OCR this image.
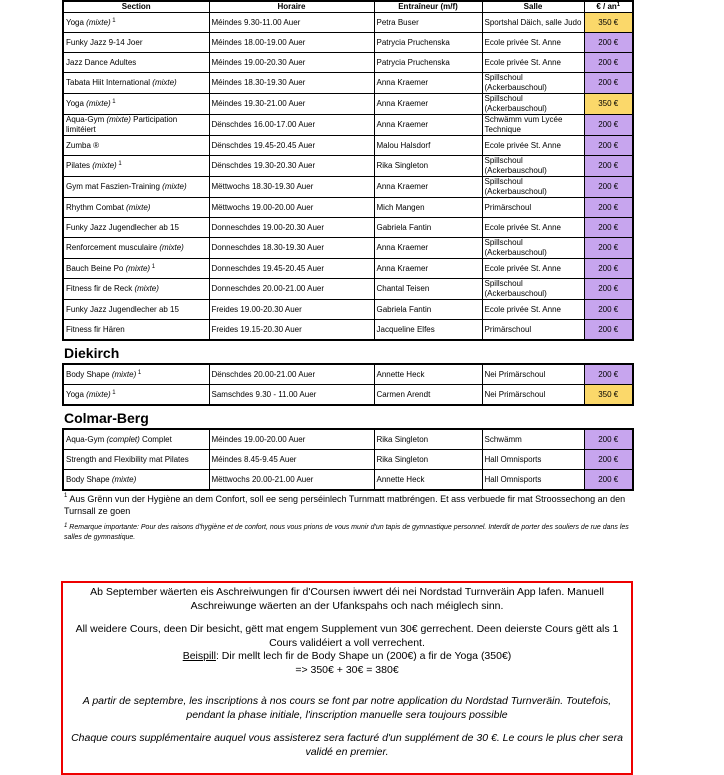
Section	Horaire	Entraîneur (m/f)	Salle	€ / $an^1$
Yoga (mixte) $^1$	Méindes 9.30-11.00 Auer	Petra Buser	Sportshal Däich, salle Judo	350 €
Funky Jazz 9-14 Joer	Méindes 18.00-19.00 Auer	Patrycia Pruchenska	Ecole privée St. Anne	200 €
Jazz Dance Adultes	Méindes 19.00-20.30 Auer	Patrycia Pruchenska	Ecole privée St. Anne	200 €
Tabata Hiit International (mixte)	Méindes 18.30-19.30 Auer	Anna Kraemer	Spillschoul (Ackerbauschoul)	200 €
Yoga (mixte) $^1$	Méindes 19.30-21.00 Auer	Anna Kraemer	Spillschoul (Ackerbauschoul)	350 €
Aqua-Gym (mixte) Participation limitéiert	Dënschdes 16.00-17.00 Auer	Anna Kraemer	Schwämm vum Lycée Technique	200 €
Zumba ®	Dënschdes 19.45-20.45 Auer	Malou Halsdorf	Ecole privée St. Anne	200 €
Pilates (mixte) $^1$	Dënschdes 19.30-20.30 Auer	Rika Singleton	Spillschoul (Ackerbauschoul)	200 €
Gym mat Faszien-Training (mixte)	Mëttwochs 18.30-19.30 Auer	Anna Kraemer	Spillschoul (Ackerbauschoul)	200 €
Rhythm Combat (mixte)	Mëttwochs 19.00-20.00 Auer	Mich Mangen	Primärschoul	200 €
Funky Jazz Jugendlecher ab 15	Donneschdes 19.00-20.30 Auer	Gabriela Fantin	Ecole privée St. Anne	200 €
Renforcement musculaire (mixte)	Donneschdes 18.30-19.30 Auer	Anna Kraemer	Spillschoul (Ackerbauschoul)	200 €
Bauch Beine Po (mixte) $^1$	Donneschdes 19.45-20.45 Auer	Anna Kraemer	Ecole privée St. Anne	200 €
Fitness fir de Reck (mixte)	Donneschdes 20.00-21.00 Auer	Chantal Teisen	Spillschoul (Ackerbauschoul)	200 €
Funky Jazz Jugendlecher ab 15	Freides 19.00-20.30 Auer	Gabriela Fantin	Ecole privée St. Anne	200 €
Fitness fir Hären	Freides 19.15-20.30 Auer	Jacqueline Elfes	Primärschoul	200 €
Diekirch
Body Shape (mixte) $^1$	Dënschdes 20.00-21.00 Auer	Annette Heck	Nei Primärschoul	200 €
Yoga (mixte) $^1$	Samschdes 9.30 - 11.00 Auer	Carmen Arendt	Nei Primärschoul	350 €
Colmar-Berg
Aqua-Gym (complet) Complet	Méindes 19.00-20.00 Auer	Rika Singleton	Schwämm	200 €
Strength and Flexibility mat Pilates	Méindes 8.45-9.45 Auer	Rika Singleton	Hall Omnisports	200 €
Body Shape (mixte)	Mëttwochs 20.00-21.00 Auer	Annette Heck	Hall Omnisports	200 €
$^1$ Aus Grënn vun der Hygiène an dem Confort, soll ee seng perséinlech Turnmatt matbréngen. Et ass verbuede fir mat Stroossechong an den Turnsall ze goen
$^1$ Remarque importante: Pour des raisons d'hygiène et de confort, nous vous prions de vous munir d'un tapis de gymnastique personnel. Interdit de porter des souliers de rue dans les salles de gymnastique.

Ab September wäerten eis Aschreiwungen fir d'Coursen iwwert déi nei Nordstad Turnveräin App lafen. Manuell Aschreiwunge wäerten an der Ufankspahs och nach méiglech sinn.

All weidere Cours, deen Dir besicht, gëtt mat engem Supplement vun 30€ gerrechent. Deen deierste Cours gëtt als 1 Cours validéiert a voll verrechent.

Beispill: Dir mellt lech fir de Body Shape un (200€) a fir de Yoga (350€)

=> 350€ + 30€ = 380€

A partir de septembre, les inscriptions à nos cours se font par notre application du Nordstad Turnveräin. Toutefois, pendant la phase initiale, l'inscription manuelle sera toujours possible

Chaque cours supplémentaire auquel vous assisterez sera facturé d'un supplément de 30 €. Le cours le plus cher sera validé en premier.
